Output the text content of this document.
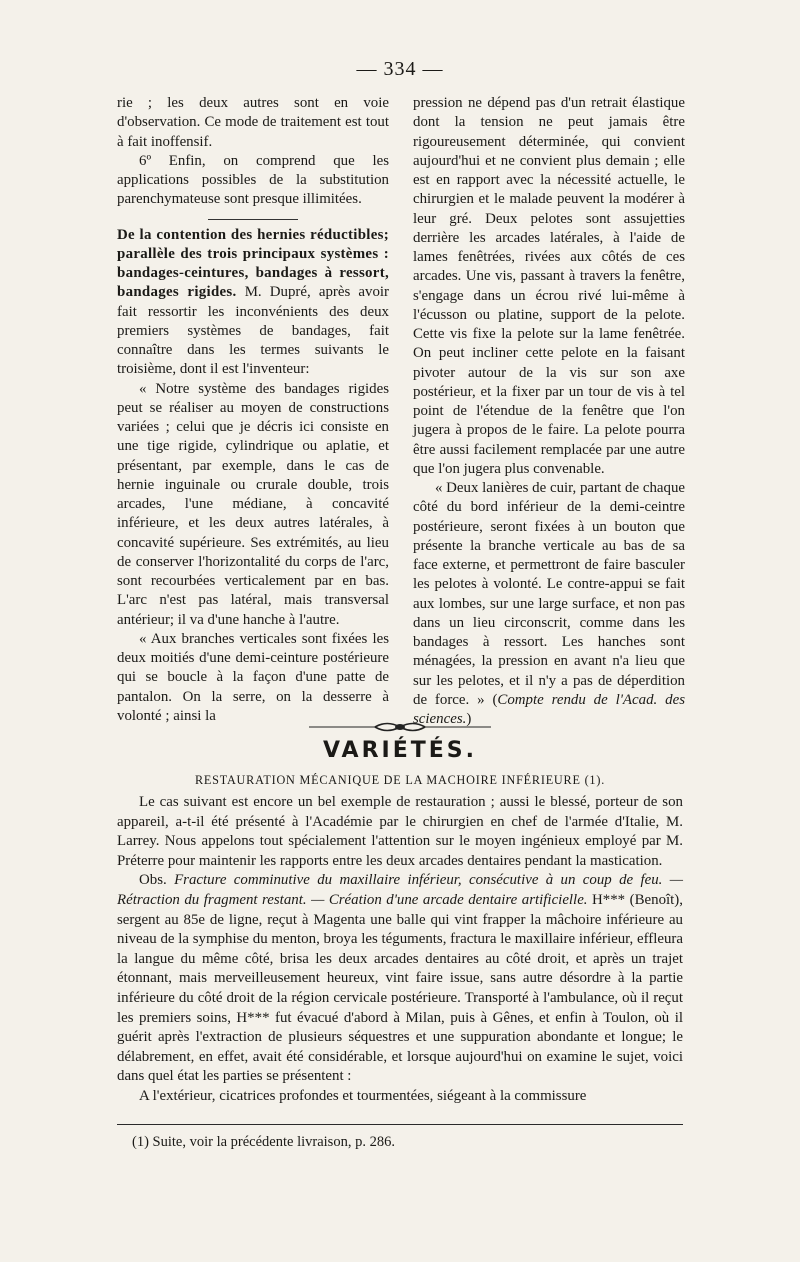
— 334 —

rie ; les deux autres sont en voie d'observation. Ce mode de traitement est tout à fait inoffensif.

6º Enfin, on comprend que les applications possibles de la substitution parenchymateuse sont presque illimitées.

De la contention des hernies réductibles; parallèle des trois principaux systèmes : bandages-ceintures, bandages à ressort, bandages rigides. M. Dupré, après avoir fait ressortir les inconvénients des deux premiers systèmes de bandages, fait connaître dans les termes suivants le troisième, dont il est l'inventeur:

« Notre système des bandages rigides peut se réaliser au moyen de constructions variées ; celui que je décris ici consiste en une tige rigide, cylindrique ou aplatie, et présentant, par exemple, dans le cas de hernie inguinale ou crurale double, trois arcades, l'une médiane, à concavité inférieure, et les deux autres latérales, à concavité supérieure. Ses extrémités, au lieu de conserver l'horizontalité du corps de l'arc, sont recourbées verticalement par en bas. L'arc n'est pas latéral, mais transversal antérieur; il va d'une hanche à l'autre.

« Aux branches verticales sont fixées les deux moitiés d'une demi-ceinture postérieure qui se boucle à la façon d'une patte de pantalon. On la serre, on la desserre à volonté ; ainsi la

pression ne dépend pas d'un retrait élastique dont la tension ne peut jamais être rigoureusement déterminée, qui convient aujourd'hui et ne convient plus demain ; elle est en rapport avec la nécessité actuelle, le chirurgien et le malade peuvent la modérer à leur gré. Deux pelotes sont assujetties derrière les arcades latérales, à l'aide de lames fenêtrées, rivées aux côtés de ces arcades. Une vis, passant à travers la fenêtre, s'engage dans un écrou rivé lui-même à l'écusson ou platine, support de la pelote. Cette vis fixe la pelote sur la lame fenêtrée. On peut incliner cette pelote en la faisant pivoter autour de la vis sur son axe postérieur, et la fixer par un tour de vis à tel point de l'étendue de la fenêtre que l'on jugera à propos de le faire. La pelote pourra être aussi facilement remplacée par une autre que l'on jugera plus convenable.

« Deux lanières de cuir, partant de chaque côté du bord inférieur de la demi-ceintre postérieure, seront fixées à un bouton que présente la branche verticale au bas de sa face externe, et permettront de faire basculer les pelotes à volonté. Le contre-appui se fait aux lombes, sur une large surface, et non pas dans un lieu circonscrit, comme dans les bandages à ressort. Les hanches sont ménagées, la pression en avant n'a lieu que sur les pelotes, et il n'y a pas de déperdition de force. » (Compte rendu de l'Acad. des sciences.)

VARIÉTÉS.
RESTAURATION MÉCANIQUE DE LA MACHOIRE INFÉRIEURE (1).

Le cas suivant est encore un bel exemple de restauration ; aussi le blessé, porteur de son appareil, a-t-il été présenté à l'Académie par le chirurgien en chef de l'armée d'Italie, M. Larrey. Nous appelons tout spécialement l'attention sur le moyen ingénieux employé par M. Préterre pour maintenir les rapports entre les deux arcades dentaires pendant la mastication.

Obs. Fracture comminutive du maxillaire inférieur, consécutive à un coup de feu. — Rétraction du fragment restant. — Création d'une arcade dentaire artificielle. H*** (Benoît), sergent au 85e de ligne, reçut à Magenta une balle qui vint frapper la mâchoire inférieure au niveau de la symphise du menton, broya les téguments, fractura le maxillaire inférieur, effleura la langue du même côté, brisa les deux arcades dentaires au côté droit, et après un trajet étonnant, mais merveilleusement heureux, vint faire issue, sans autre désordre à la partie inférieure du côté droit de la région cervicale postérieure. Transporté à l'ambulance, où il reçut les premiers soins, H*** fut évacué d'abord à Milan, puis à Gênes, et enfin à Toulon, où il guérit après l'extraction de plusieurs séquestres et une suppuration abondante et longue; le délabrement, en effet, avait été considérable, et lorsque aujourd'hui on examine le sujet, voici dans quel état les parties se présentent :

A l'extérieur, cicatrices profondes et tourmentées, siégeant à la commissure

(1) Suite, voir la précédente livraison, p. 286.
